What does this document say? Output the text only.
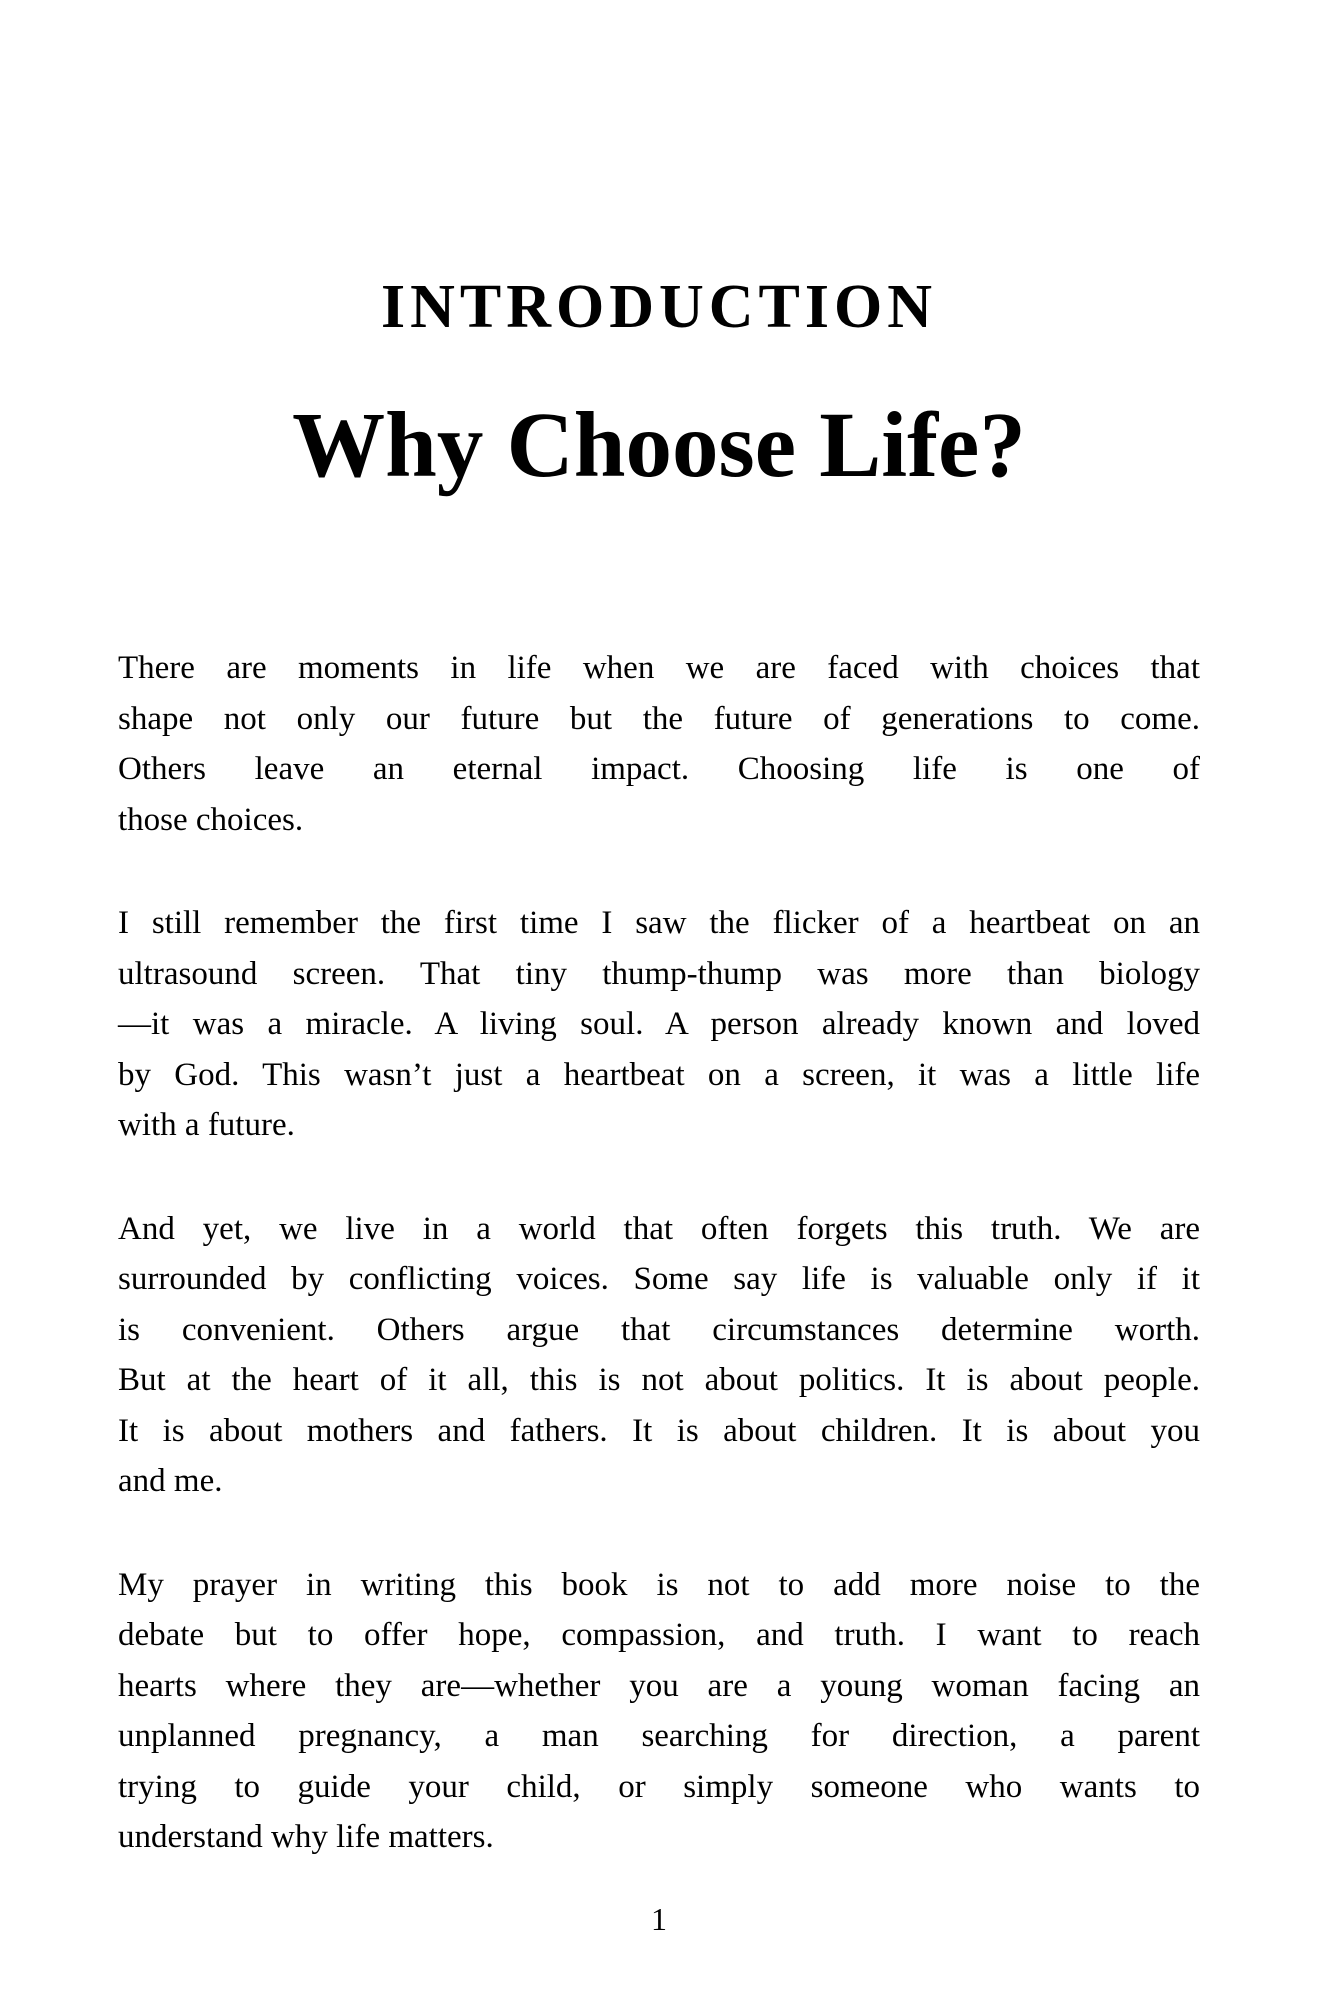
INTRODUCTION
Why Choose Life?
There are moments in life when we are faced with choices that
shape not only our future but the future of generations to come.
Others leave an eternal impact. Choosing life is one of
those choices.
I still remember the first time I saw the flicker of a heartbeat on an
ultrasound screen. That tiny thump-thump was more than biology
—it was a miracle. A living soul. A person already known and loved
by God. This wasn’t just a heartbeat on a screen, it was a little life
with a future.
And yet, we live in a world that often forgets this truth. We are
surrounded by conflicting voices. Some say life is valuable only if it
is convenient. Others argue that circumstances determine worth.
But at the heart of it all, this is not about politics. It is about people.
It is about mothers and fathers. It is about children. It is about you
and me.
My prayer in writing this book is not to add more noise to the
debate but to offer hope, compassion, and truth. I want to reach
hearts where they are—whether you are a young woman facing an
unplanned pregnancy, a man searching for direction, a parent
trying to guide your child, or simply someone who wants to
understand why life matters.
1
